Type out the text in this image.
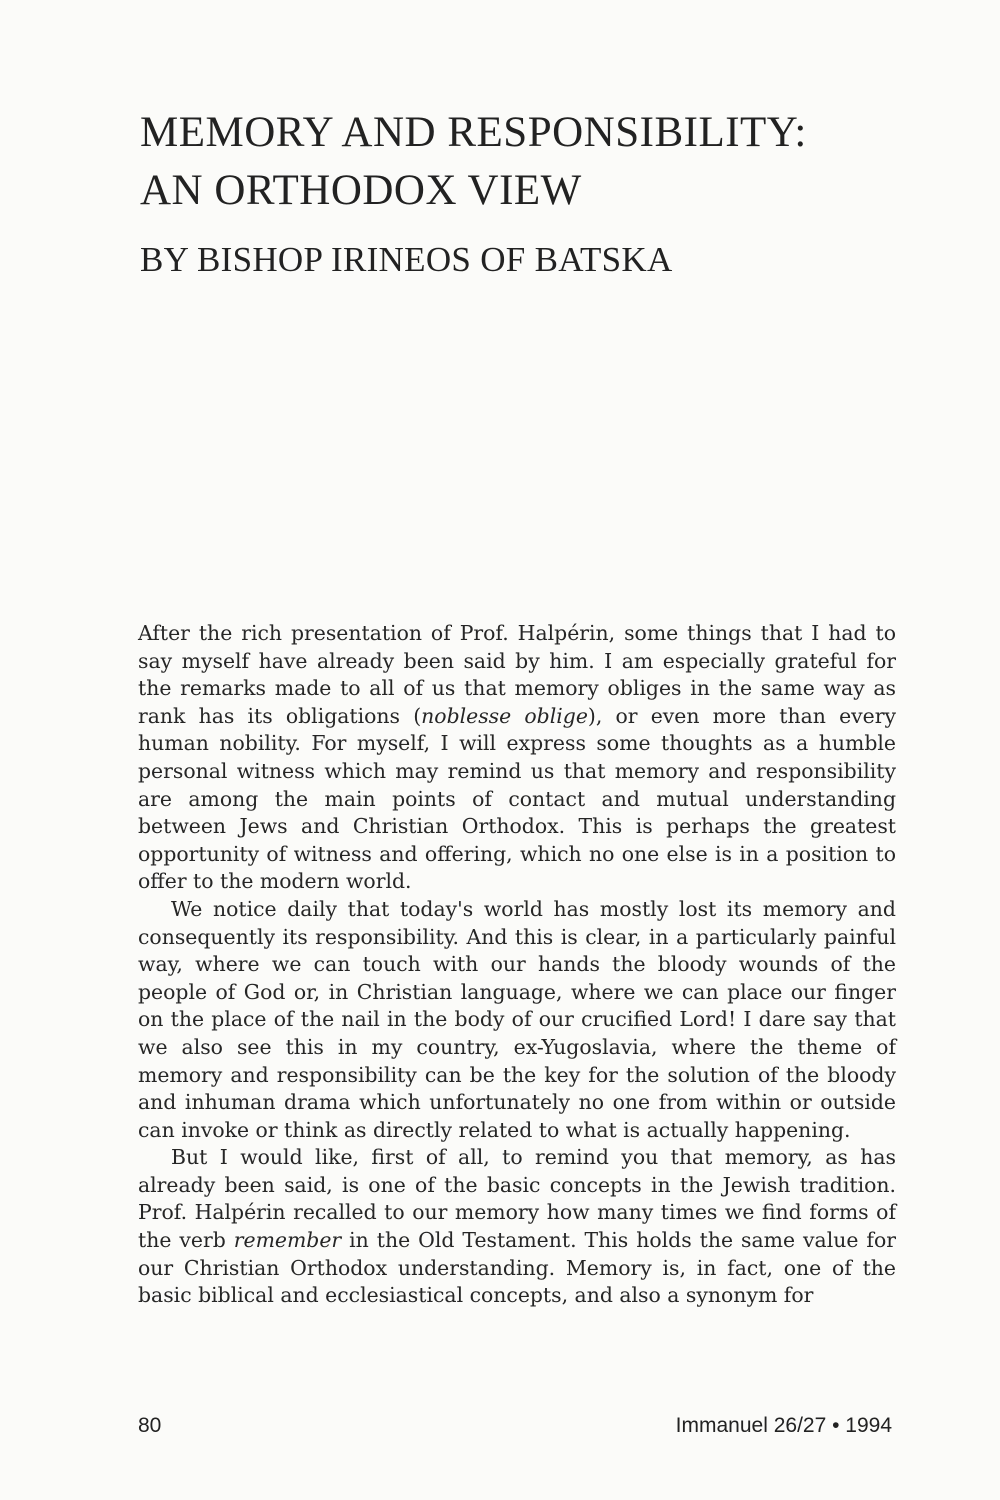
MEMORY AND RESPONSIBILITY:
AN ORTHODOX VIEW
BY BISHOP IRINEOS OF BATSKA

After the rich presentation of Prof. Halpérin, some things that I had to say myself have already been said by him. I am especially grateful for the remarks made to all of us that memory obliges in the same way as rank has its obligations (noblesse oblige), or even more than every human nobility. For myself, I will express some thoughts as a humble personal witness which may remind us that memory and responsibility are among the main points of contact and mutual understanding between Jews and Christian Orthodox. This is perhaps the greatest opportunity of witness and offering, which no one else is in a position to offer to the modern world.

We notice daily that today's world has mostly lost its memory and consequently its responsibility. And this is clear, in a particularly painful way, where we can touch with our hands the bloody wounds of the people of God or, in Christian language, where we can place our finger on the place of the nail in the body of our crucified Lord! I dare say that we also see this in my country, ex-Yugoslavia, where the theme of memory and responsibility can be the key for the solution of the bloody and inhuman drama which unfortunately no one from within or outside can invoke or think as directly related to what is actually happening.

But I would like, first of all, to remind you that memory, as has already been said, is one of the basic concepts in the Jewish tradition. Prof. Halpérin recalled to our memory how many times we find forms of the verb remember in the Old Testament. This holds the same value for our Christian Orthodox understanding. Memory is, in fact, one of the basic biblical and ecclesiastical concepts, and also a synonym for

80	Immanuel 26/27 • 1994
